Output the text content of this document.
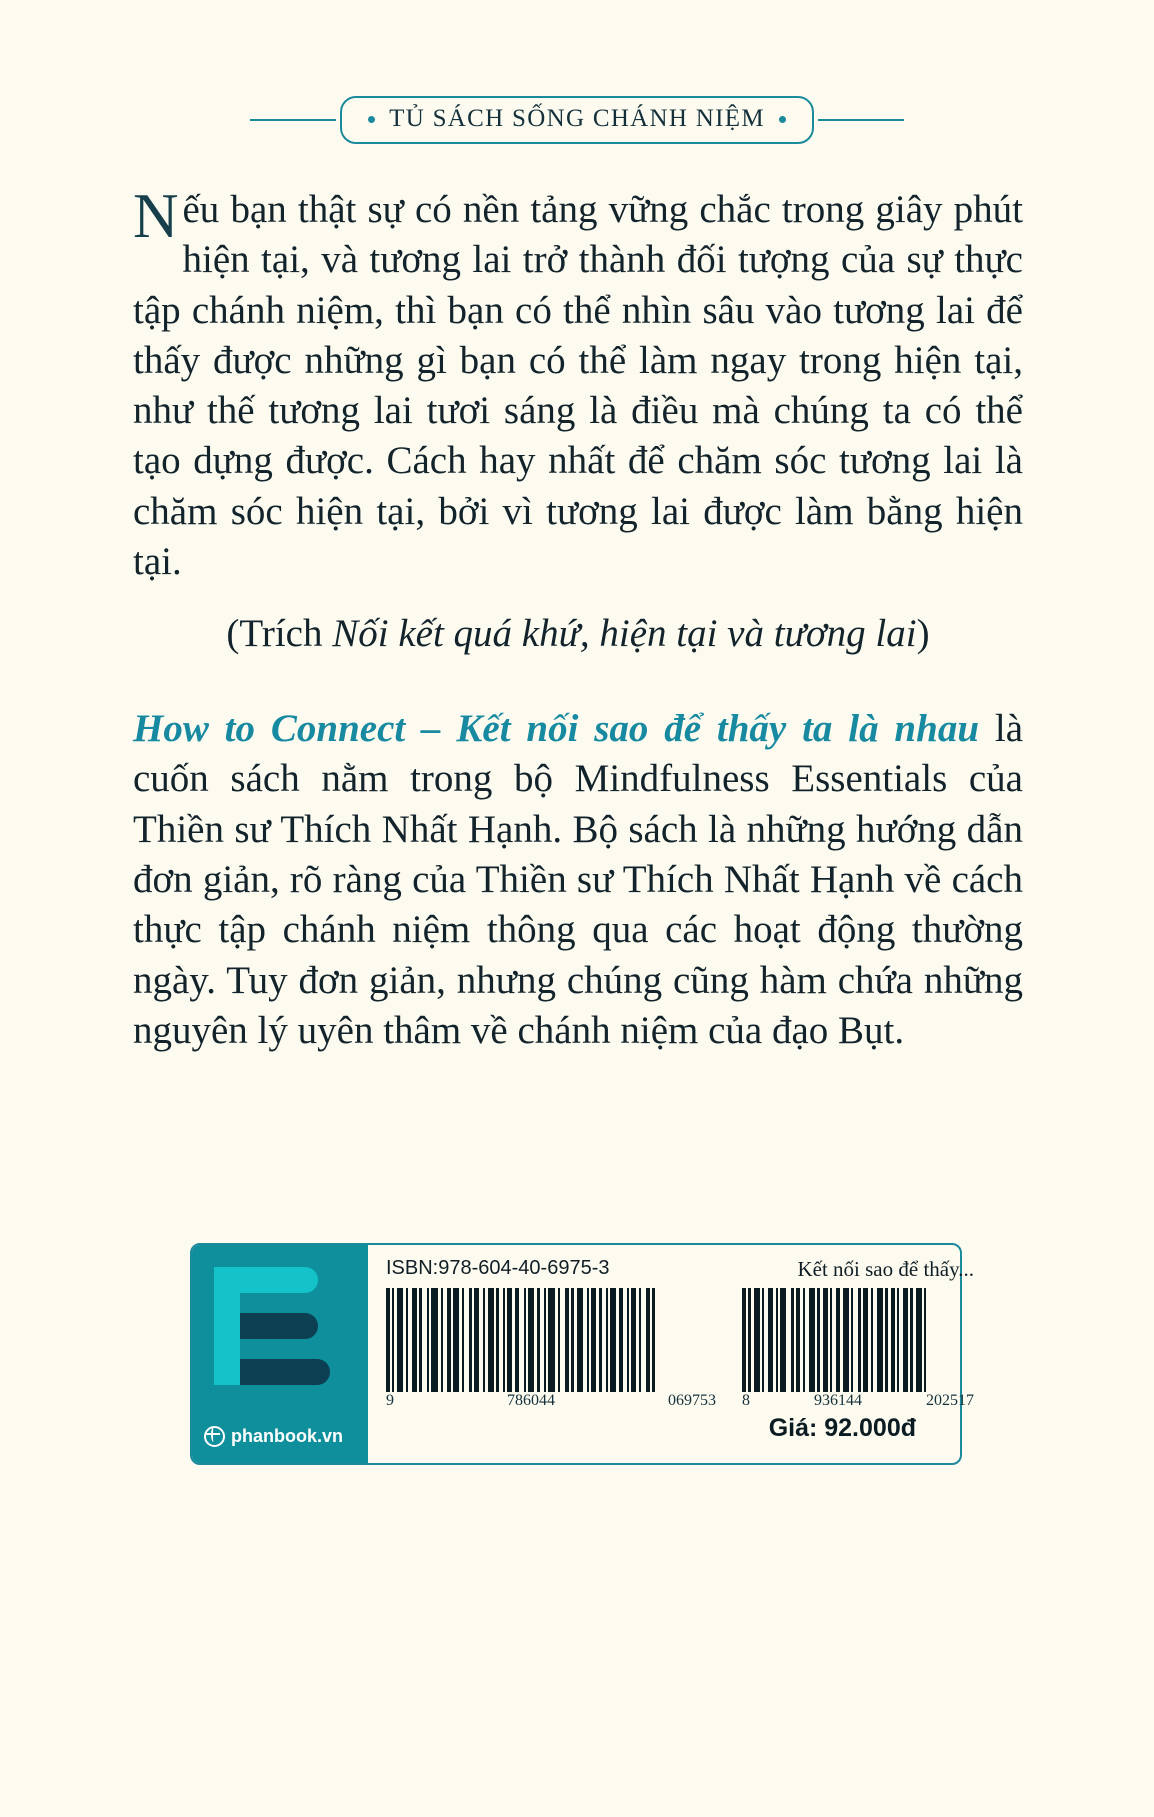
TỦ SÁCH SỐNG CHÁNH NIỆM

Nếu bạn thật sự có nền tảng vững chắc trong giây phút hiện tại, và tương lai trở thành đối tượng của sự thực tập chánh niệm, thì bạn có thể nhìn sâu vào tương lai để thấy được những gì bạn có thể làm ngay trong hiện tại, như thế tương lai tươi sáng là điều mà chúng ta có thể tạo dựng được. Cách hay nhất để chăm sóc tương lai là chăm sóc hiện tại, bởi vì tương lai được làm bằng hiện tại.

(Trích Nối kết quá khứ, hiện tại và tương lai)

How to Connect – Kết nối sao để thấy ta là nhau là cuốn sách nằm trong bộ Mindfulness Essentials của Thiền sư Thích Nhất Hạnh. Bộ sách là những hướng dẫn đơn giản, rõ ràng của Thiền sư Thích Nhất Hạnh về cách thực tập chánh niệm thông qua các hoạt động thường ngày. Tuy đơn giản, nhưng chúng cũng hàm chứa những nguyên lý uyên thâm về chánh niệm của đạo Bụt.

phanbook.vn
ISBN:978-604-40-6975-3	Kết nối sao để thấy...
9	786044	069753 8	936144	202517
Giá: 92.000đ
